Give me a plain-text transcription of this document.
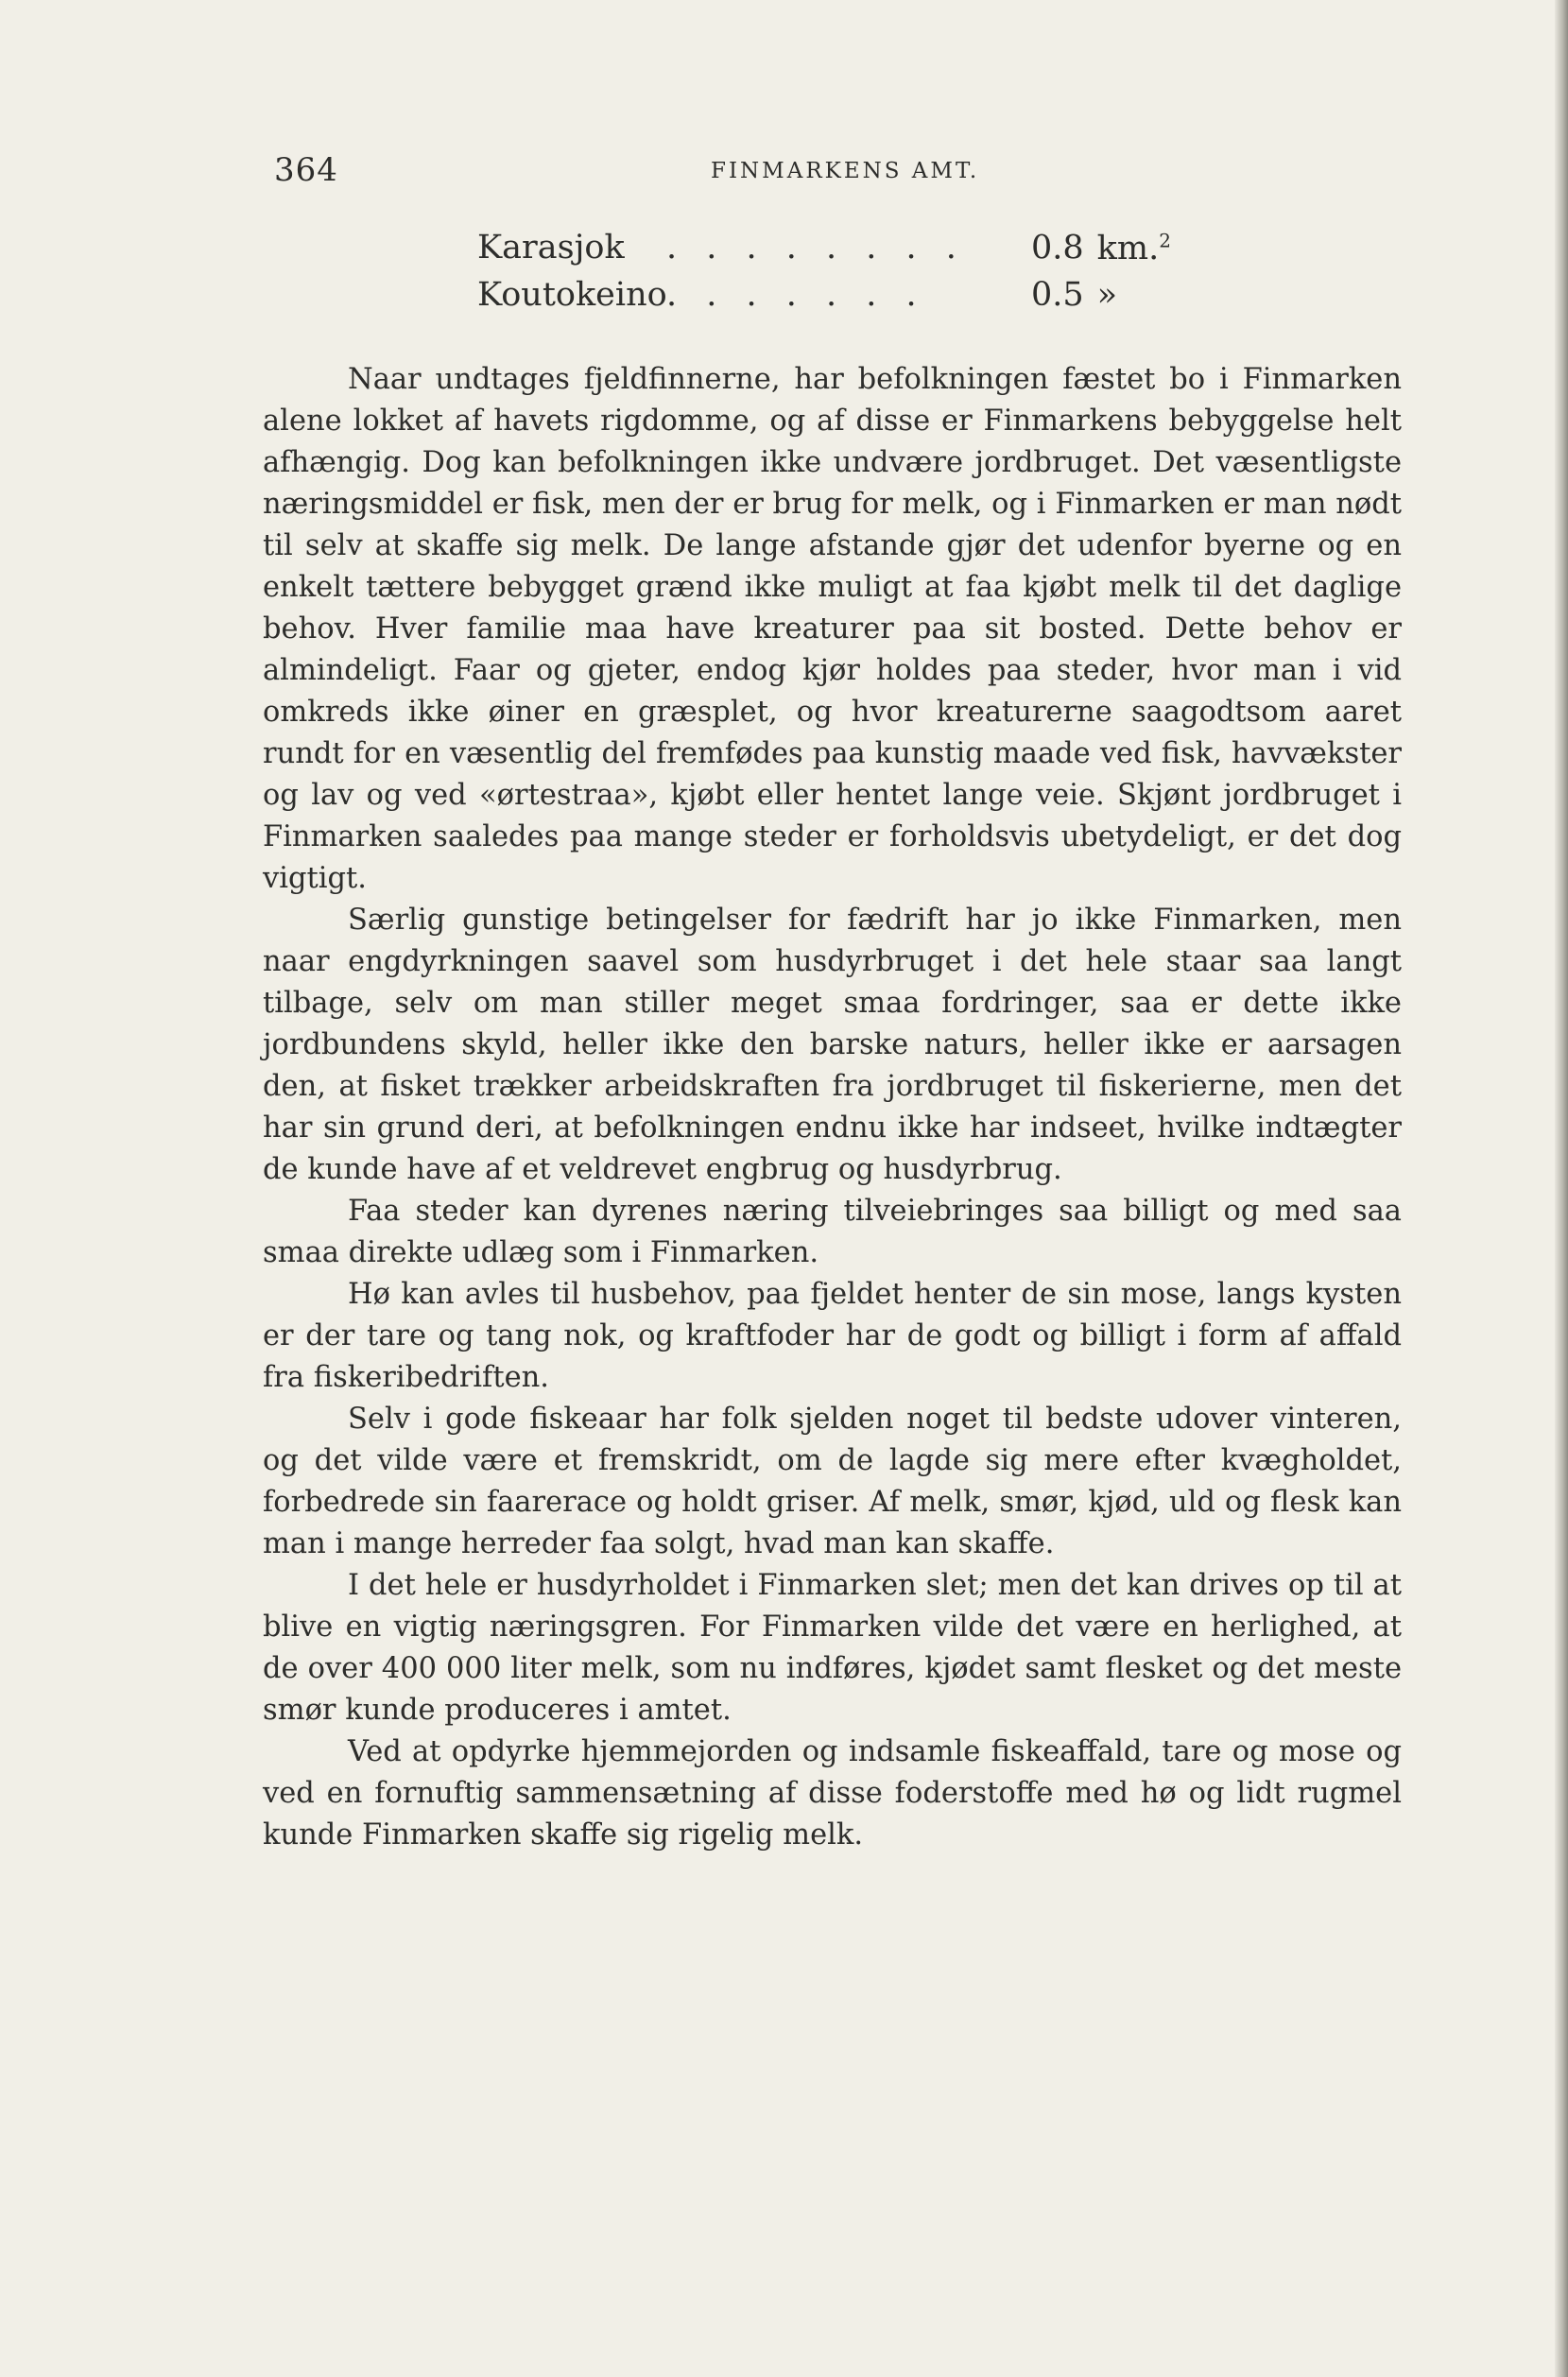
364	FINMARKENS AMT.
Karasjok . . . . . . . .	0.8 km.$^2$
Koutokeino . . . . . . .	0.5 »

Naar undtages fjeldfinnerne, har befolkningen fæstet bo i Finmarken alene lokket af havets rigdomme, og af disse er Finmarkens bebyggelse helt afhængig. Dog kan befolkningen ikke undvære jordbruget. Det væsentligste næringsmiddel er fisk, men der er brug for melk, og i Finmarken er man nødt til selv at skaffe sig melk. De lange afstande gjør det udenfor byerne og en enkelt tættere bebygget grænd ikke muligt at faa kjøbt melk til det daglige behov. Hver familie maa have kreaturer paa sit bosted. Dette behov er almindeligt. Faar og gjeter, endog kjør holdes paa steder, hvor man i vid omkreds ikke øiner en græsplet, og hvor kreaturerne saagodtsom aaret rundt for en væsentlig del fremfødes paa kunstig maade ved fisk, havvækster og lav og ved «ørtestraa», kjøbt eller hentet lange veie. Skjønt jordbruget i Finmarken saaledes paa mange steder er forholdsvis ubetydeligt, er det dog vigtigt.

Særlig gunstige betingelser for fædrift har jo ikke Finmarken, men naar engdyrkningen saavel som husdyrbruget i det hele staar saa langt tilbage, selv om man stiller meget smaa fordringer, saa er dette ikke jordbundens skyld, heller ikke den barske naturs, heller ikke er aarsagen den, at fisket trækker arbeidskraften fra jordbruget til fiskerierne, men det har sin grund deri, at befolkningen endnu ikke har indseet, hvilke indtægter de kunde have af et veldrevet engbrug og husdyrbrug.

Faa steder kan dyrenes næring tilveiebringes saa billigt og med saa smaa direkte udlæg som i Finmarken.

Hø kan avles til husbehov, paa fjeldet henter de sin mose, langs kysten er der tare og tang nok, og kraftfoder har de godt og billigt i form af affald fra fiskeribedriften.

Selv i gode fiskeaar har folk sjelden noget til bedste udover vinteren, og det vilde være et fremskridt, om de lagde sig mere efter kvægholdet, forbedrede sin faarerace og holdt griser. Af melk, smør, kjød, uld og flesk kan man i mange herreder faa solgt, hvad man kan skaffe.

I det hele er husdyrholdet i Finmarken slet; men det kan drives op til at blive en vigtig næringsgren. For Finmarken vilde det være en herlighed, at de over 400 000 liter melk, som nu indføres, kjødet samt flesket og det meste smør kunde produceres i amtet.

Ved at opdyrke hjemmejorden og indsamle fiskeaffald, tare og mose og ved en fornuftig sammensætning af disse foderstoffe med hø og lidt rugmel kunde Finmarken skaffe sig rigelig melk.
